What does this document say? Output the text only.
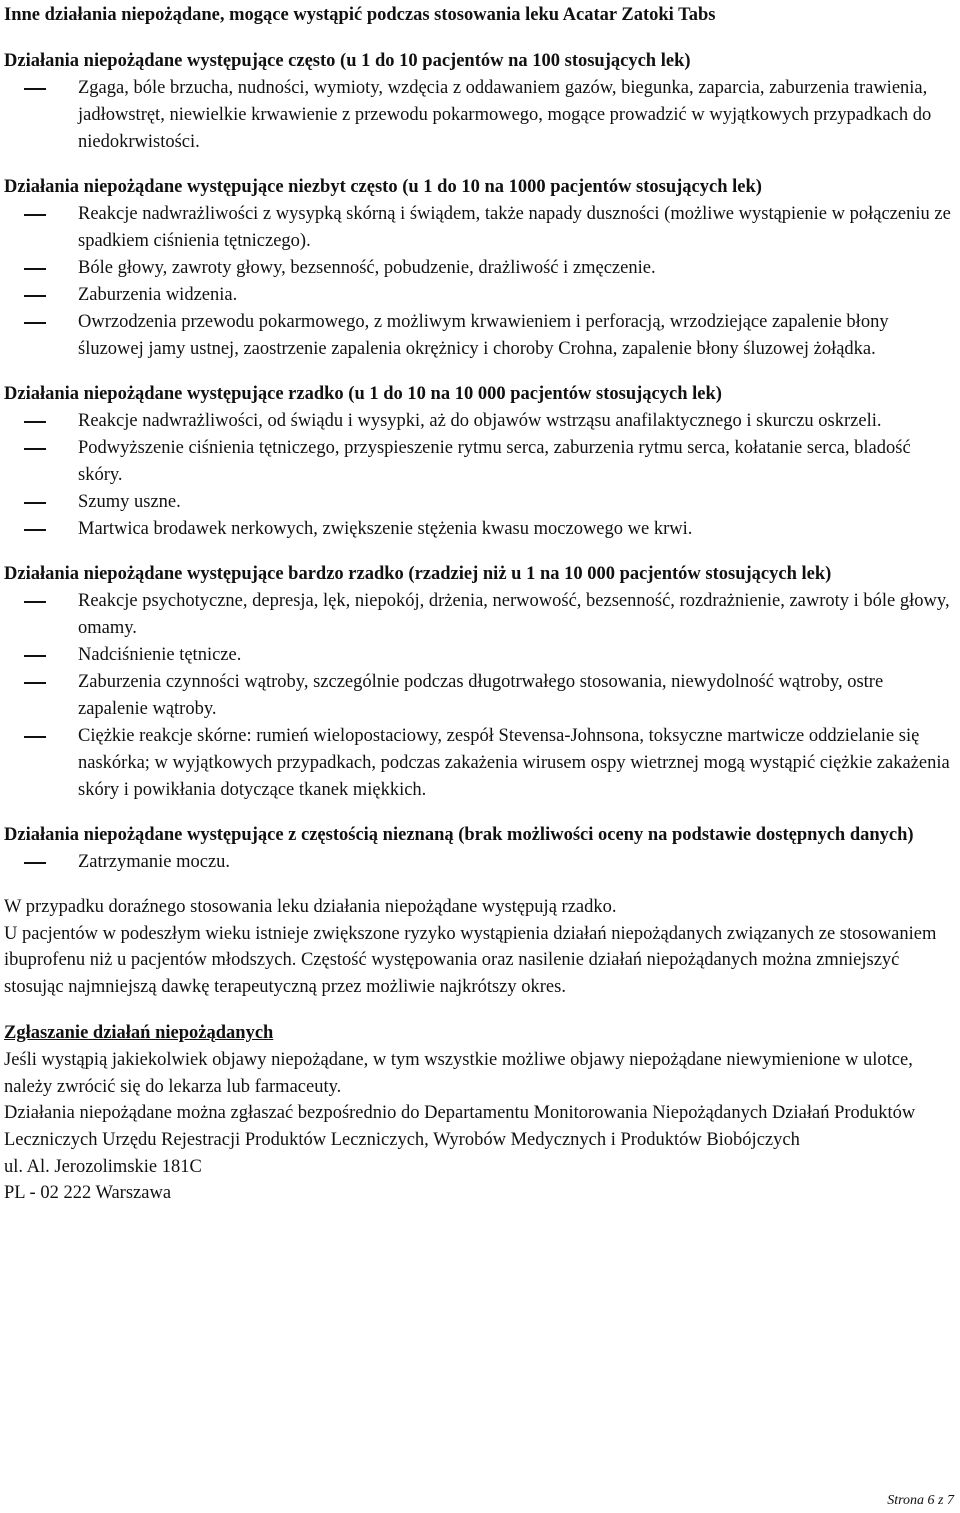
Inne działania niepożądane, mogące wystąpić podczas stosowania leku Acatar Zatoki Tabs
Działania niepożądane występujące często (u 1 do 10 pacjentów na 100 stosujących lek)
Zgaga, bóle brzucha, nudności, wymioty, wzdęcia z oddawaniem gazów, biegunka, zaparcia, zaburzenia trawienia, jadłowstręt, niewielkie krwawienie z przewodu pokarmowego, mogące prowadzić w wyjątkowych przypadkach do niedokrwistości.
Działania niepożądane występujące niezbyt często (u 1 do 10 na 1000 pacjentów stosujących lek)
Reakcje nadwrażliwości z wysypką skórną i świądem, także napady duszności (możliwe wystąpienie w połączeniu ze spadkiem ciśnienia tętniczego).
Bóle głowy, zawroty głowy, bezsenność, pobudzenie, drażliwość i zmęczenie.
Zaburzenia widzenia.
Owrzodzenia przewodu pokarmowego, z możliwym krwawieniem i perforacją, wrzodziejące zapalenie błony śluzowej jamy ustnej, zaostrzenie zapalenia okrężnicy i choroby Crohna, zapalenie błony śluzowej żołądka.
Działania niepożądane występujące rzadko (u 1 do 10 na 10 000 pacjentów stosujących lek)
Reakcje nadwrażliwości, od świądu i wysypki, aż do objawów wstrząsu anafilaktycznego i skurczu oskrzeli.
Podwyższenie ciśnienia tętniczego, przyspieszenie rytmu serca, zaburzenia rytmu serca, kołatanie serca, bladość skóry.
Szumy uszne.
Martwica brodawek nerkowych, zwiększenie stężenia kwasu moczowego we krwi.
Działania niepożądane występujące bardzo rzadko (rzadziej niż u 1 na 10 000 pacjentów stosujących lek)
Reakcje psychotyczne, depresja, lęk, niepokój, drżenia, nerwowość, bezsenność, rozdrażnienie, zawroty i bóle głowy, omamy.
Nadciśnienie tętnicze.
Zaburzenia czynności wątroby, szczególnie podczas długotrwałego stosowania, niewydolność wątroby, ostre zapalenie wątroby.
Ciężkie reakcje skórne: rumień wielopostaciowy, zespół Stevensa-Johnsona, toksyczne martwicze oddzielanie się naskórka; w wyjątkowych przypadkach, podczas zakażenia wirusem ospy wietrznej mogą wystąpić ciężkie zakażenia skóry i powikłania dotyczące tkanek miękkich.
Działania niepożądane występujące z częstością nieznaną (brak możliwości oceny na podstawie dostępnych danych)
Zatrzymanie moczu.

W przypadku doraźnego stosowania leku działania niepożądane występują rzadko.

U pacjentów w podeszłym wieku istnieje zwiększone ryzyko wystąpienia działań niepożądanych związanych ze stosowaniem ibuprofenu niż u pacjentów młodszych. Częstość występowania oraz nasilenie działań niepożądanych można zmniejszyć stosując najmniejszą dawkę terapeutyczną przez możliwie najkrótszy okres.

Zgłaszanie działań niepożądanych

Jeśli wystąpią jakiekolwiek objawy niepożądane, w tym wszystkie możliwe objawy niepożądane niewymienione w ulotce, należy zwrócić się do lekarza lub farmaceuty.

Działania niepożądane można zgłaszać bezpośrednio do Departamentu Monitorowania Niepożądanych Działań Produktów Leczniczych Urzędu Rejestracji Produktów Leczniczych, Wyrobów Medycznych i Produktów Biobójczych

ul. Al. Jerozolimskie 181C

PL - 02 222 Warszawa

Strona 6 z 7
